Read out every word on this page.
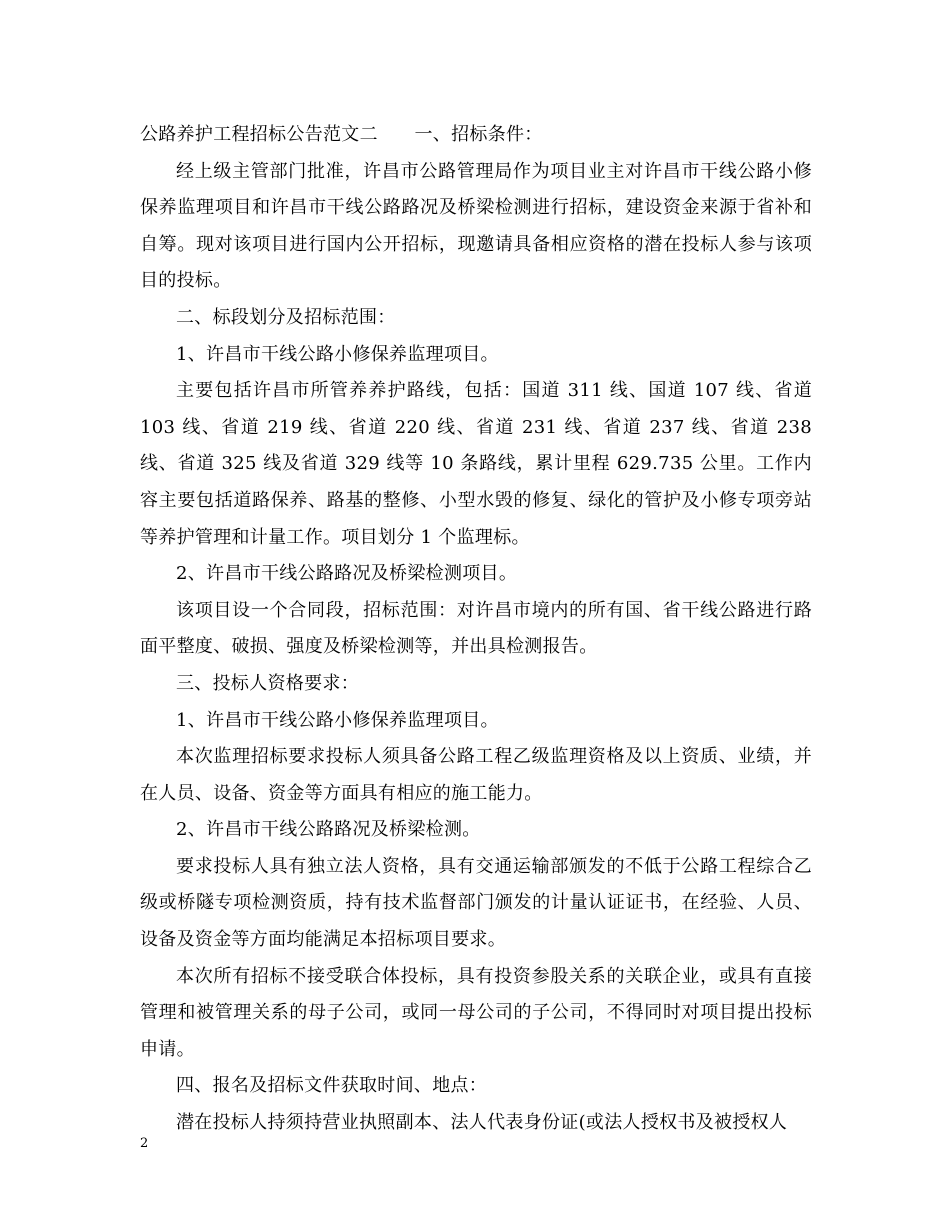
公路养护工程招标公告范文二　　一、招标条件：

经上级主管部门批准，许昌市公路管理局作为项目业主对许昌市干线公路小修保养监理项目和许昌市干线公路路况及桥梁检测进行招标，建设资金来源于省补和自筹。现对该项目进行国内公开招标，现邀请具备相应资格的潜在投标人参与该项目的投标。

二、标段划分及招标范围：

1、许昌市干线公路小修保养监理项目。

主要包括许昌市所管养养护路线，包括：国道 311 线、国道 107 线、省道 103 线、省道 219 线、省道 220 线、省道 231 线、省道 237 线、省道 238 线、省道 325 线及省道 329 线等 10 条路线，累计里程 629.735 公里。工作内容主要包括道路保养、路基的整修、小型水毁的修复、绿化的管护及小修专项旁站等养护管理和计量工作。项目划分 1 个监理标。

2、许昌市干线公路路况及桥梁检测项目。

该项目设一个合同段，招标范围：对许昌市境内的所有国、省干线公路进行路面平整度、破损、强度及桥梁检测等，并出具检测报告。

三、投标人资格要求：

1、许昌市干线公路小修保养监理项目。

本次监理招标要求投标人须具备公路工程乙级监理资格及以上资质、业绩，并在人员、设备、资金等方面具有相应的施工能力。

2、许昌市干线公路路况及桥梁检测。

要求投标人具有独立法人资格，具有交通运输部颁发的不低于公路工程综合乙级或桥隧专项检测资质，持有技术监督部门颁发的计量认证证书，在经验、人员、设备及资金等方面均能满足本招标项目要求。

本次所有招标不接受联合体投标，具有投资参股关系的关联企业，或具有直接管理和被管理关系的母子公司，或同一母公司的子公司，不得同时对项目提出投标申请。

四、报名及招标文件获取时间、地点：

潜在投标人持须持营业执照副本、法人代表身份证(或法人授权书及被授权人

2
